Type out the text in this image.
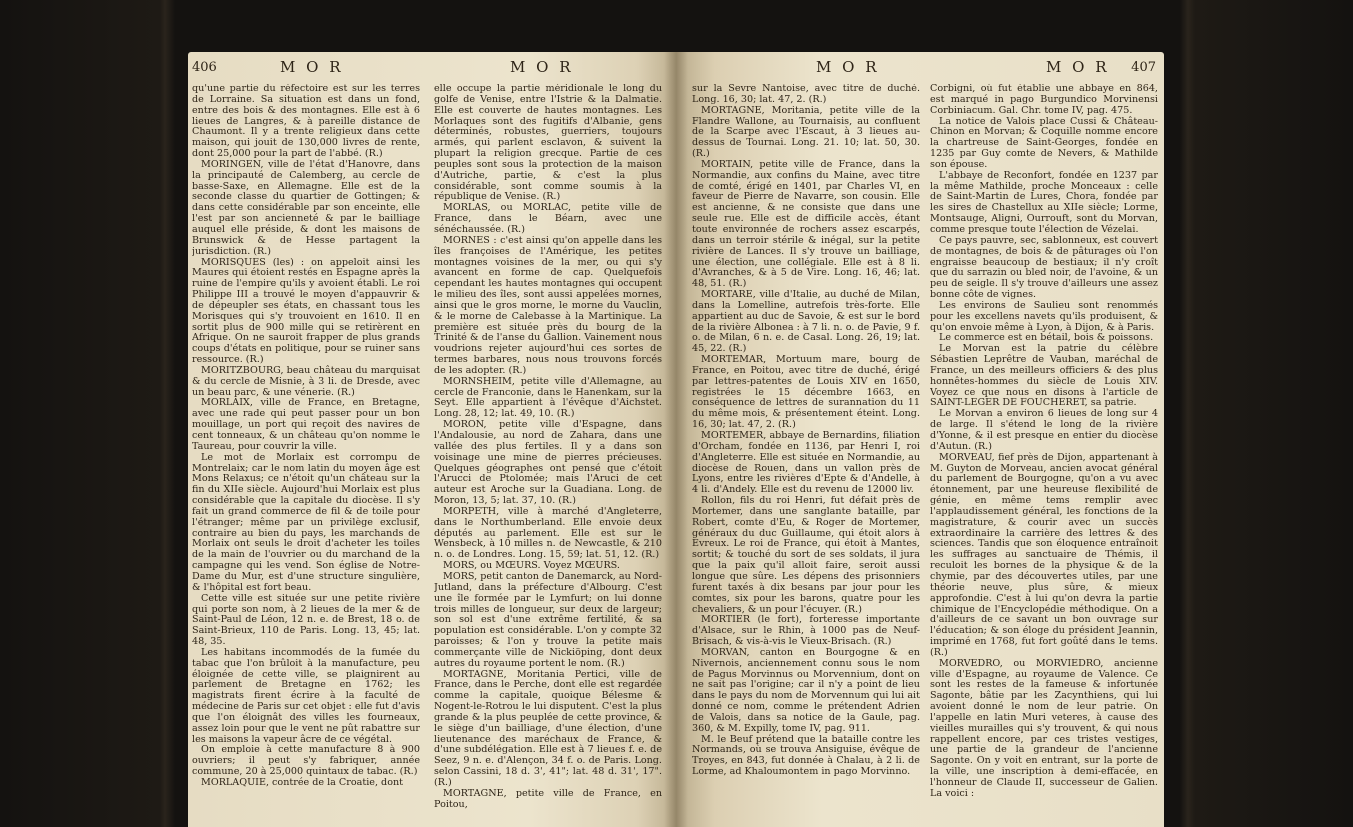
406	M O R	M O R

qu'une partie du réfectoire est sur les terres de Lorraine. Sa situation est dans un fond, entre des bois & des montagnes. Elle est à 6 lieues de Langres, & à pareille distance de Chaumont. Il y a trente religieux dans cette maison, qui jouit de 130,000 livres de rente, dont 25,000 pour la part de l'abbé. (R.)

MORINGEN, ville de l'état d'Hanovre, dans la principauté de Calemberg, au cercle de basse-Saxe, en Allemagne. Elle est de la seconde classe du quartier de Gottingen; & dans cette considérable par son enceinte, elle l'est par son ancienneté & par le bailliage auquel elle préside, & dont les maisons de Brunswick & de Hesse partagent la jurisdiction. (R.)

MORISQUES (les) : on appeloit ainsi les Maures qui étoient restés en Espagne après la ruine de l'empire qu'ils y avoient établi. Le roi Philippe III a trouvé le moyen d'appauvrir & de dépeupler ses états, en chassant tous les Morisques qui s'y trouvoient en 1610. Il en sortit plus de 900 mille qui se retirèrent en Afrique. On ne sauroit frapper de plus grands coups d'états en politique, pour se ruiner sans ressource. (R.)

MORITZBOURG, beau château du marquisat & du cercle de Misnie, à 3 li. de Dresde, avec un beau parc, & une vénerie. (R.)

MORLAIX, ville de France, en Bretagne, avec une rade qui peut passer pour un bon mouillage, un port qui reçoit des navires de cent tonneaux, & un château qu'on nomme le Taureau, pour couvrir la ville.

Le mot de Morlaix est corrompu de Montrelaix; car le nom latin du moyen âge est Mons Relaxus; ce n'étoit qu'un château sur la fin du XIIe siècle. Aujourd'hui Morlaix est plus considérable que la capitale du diocèse. Il s'y fait un grand commerce de fil & de toile pour l'étranger; même par un privilège exclusif, contraire au bien du pays, les marchands de Morlaix ont seuls le droit d'acheter les toiles de la main de l'ouvrier ou du marchand de la campagne qui les vend. Son église de Notre-Dame du Mur, est d'une structure singulière, & l'hôpital est fort beau.

Cette ville est située sur une petite rivière qui porte son nom, à 2 lieues de la mer & de Saint-Paul de Léon, 12 n. e. de Brest, 18 o. de Saint-Brieux, 110 de Paris. Long. 13, 45; lat. 48, 35.

Les habitans incommodés de la fumée du tabac que l'on brûloit à la manufacture, peu éloignée de cette ville, se plaignirent au parlement de Bretagne en 1762; les magistrats firent écrire à la faculté de médecine de Paris sur cet objet : elle fut d'avis que l'on éloignât des villes les fourneaux, assez loin pour que le vent ne pût rabattre sur les maisons la vapeur âcre de ce végétal.

On emploie à cette manufacture 8 à 900 ouvriers; il peut s'y fabriquer, année commune, 20 à 25,000 quintaux de tabac. (R.)

MORLAQUIE, contrée de la Croatie, dont

elle occupe la partie méridionale le long du golfe de Venise, entre l'Istrie & la Dalmatie. Elle est couverte de hautes montagnes. Les Morlaques sont des fugitifs d'Albanie, gens déterminés, robustes, guerriers, toujours armés, qui parlent esclavon, & suivent la plupart la religion grecque. Partie de ces peuples sont sous la protection de la maison d'Autriche, partie, & c'est la plus considérable, sont comme soumis à la république de Venise. (R.)

MORLAS, ou MORLAC, petite ville de France, dans le Béarn, avec une sénéchaussée. (R.)

MORNES : c'est ainsi qu'on appelle dans les îles françoises de l'Amérique, les petites montagnes voisines de la mer, ou qui s'y avancent en forme de cap. Quelquefois cependant les hautes montagnes qui occupent le milieu des îles, sont aussi appelées mornes, ainsi que le gros morne, le morne du Vauclin, & le morne de Calebasse à la Martinique. La première est située près du bourg de la Trinité & de l'anse du Gallion. Vainement nous voudrions rejeter aujourd'hui ces sortes de termes barbares, nous nous trouvons forcés de les adopter. (R.)

MORNSHEIM, petite ville d'Allemagne, au cercle de Franconie, dans le Hanenkam, sur la Seyt. Elle appartient à l'évêque d'Aichstet. Long. 28, 12; lat. 49, 10. (R.)

MORON, petite ville d'Espagne, dans l'Andalousie, au nord de Zahara, dans une vallée des plus fertiles. Il y a dans son voisinage une mine de pierres précieuses. Quelques géographes ont pensé que c'étoit l'Arucci de Ptolomée; mais l'Aruci de cet auteur est Aroche sur la Guadiana. Long. de Moron, 13, 5; lat. 37, 10. (R.)

MORPETH, ville à marché d'Angleterre, dans le Northumberland. Elle envoie deux députés au parlement. Elle est sur le Wensbeck, à 10 milles n. de Newcastle, & 210 n. o. de Londres. Long. 15, 59; lat. 51, 12. (R.)

MORS, ou MŒURS. Voyez MŒURS.

MORS, petit canton de Danemarck, au Nord-Jutland, dans la préfecture d'Albourg. C'est une île formée par le Lymfurt; on lui donne trois milles de longueur, sur deux de largeur; son sol est d'une extrême fertilité, & sa population est considérable. L'on y compte 32 paroisses; & l'on y trouve la petite mais commerçante ville de Nickiöping, dont deux autres du royaume portent le nom. (R.)

MORTAGNE, Moritania Pertici, ville de France, dans le Perche, dont elle est regardée comme la capitale, quoique Bélesme & Nogent-le-Rotrou le lui disputent. C'est la plus grande & la plus peuplée de cette province, & le siège d'un bailliage, d'une élection, d'une lieutenance des maréchaux de France, & d'une subdélégation. Elle est à 7 lieues f. e. de Seez, 9 n. e. d'Alençon, 34 f. o. de Paris. Long. selon Cassini, 18 d. 3', 41"; lat. 48 d. 31', 17". (R.)

MORTAGNE, petite ville de France, en Poitou,

M O R	M O R 407

sur la Sevre Nantoise, avec titre de duché. Long. 16, 30; lat. 47, 2. (R.)

MORTAGNE, Moritania, petite ville de la Flandre Wallone, au Tournaisis, au confluent de la Scarpe avec l'Escaut, à 3 lieues au-dessus de Tournai. Long. 21. 10; lat. 50, 30. (R.)

MORTAIN, petite ville de France, dans la Normandie, aux confins du Maine, avec titre de comté, érigé en 1401, par Charles VI, en faveur de Pierre de Navarre, son cousin. Elle est ancienne, & ne consiste que dans une seule rue. Elle est de difficile accès, étant toute environnée de rochers assez escarpés, dans un terroir stérile & inégal, sur la petite rivière de Lances. Il s'y trouve un bailliage, une élection, une collégiale. Elle est à 8 li. d'Avranches, & à 5 de Vire. Long. 16, 46; lat. 48, 51. (R.)

MORTARE, ville d'Italie, au duché de Milan, dans la Lomelline, autrefois très-forte. Elle appartient au duc de Savoie, & est sur le bord de la rivière Albonea : à 7 li. n. o. de Pavie, 9 f. o. de Milan, 6 n. e. de Casal. Long. 26, 19; lat. 45, 22. (R.)

MORTEMAR, Mortuum mare, bourg de France, en Poitou, avec titre de duché, érigé par lettres-patentes de Louis XIV en 1650, registrées le 15 décembre 1663, en conséquence de lettres de surannation du 11 du même mois, & présentement éteint. Long. 16, 30; lat. 47, 2. (R.)

MORTEMER, abbaye de Bernardins, filiation d'Orcham, fondée en 1136, par Henri I, roi d'Angleterre. Elle est située en Normandie, au diocèse de Rouen, dans un vallon près de Lyons, entre les rivières d'Epte & d'Andelle, à 4 li. d'Andely. Elle est du revenu de 12000 liv.

Rollon, fils du roi Henri, fut défait près de Mortemer, dans une sanglante bataille, par Robert, comte d'Eu, & Roger de Mortemer, généraux du duc Guillaume, qui étoit alors à Evreux. Le roi de France, qui étoit à Mantes, sortit; & touché du sort de ses soldats, il jura que la paix qu'il alloit faire, seroit aussi longue que sûre. Les dépens des prisonniers furent taxés à dix besans par jour pour les comtes, six pour les barons, quatre pour les chevaliers, & un pour l'écuyer. (R.)

MORTIER (le fort), forteresse importante d'Alsace, sur le Rhin, à 1000 pas de Neuf-Brisach, & vis-à-vis le Vieux-Brisach. (R.)

MORVAN, canton en Bourgogne & en Nivernois, anciennement connu sous le nom de Pagus Morvinnus ou Morvennium, dont on ne sait pas l'origine; car il n'y a point de lieu dans le pays du nom de Morvennum qui lui ait donné ce nom, comme le prétendent Adrien de Valois, dans sa notice de la Gaule, pag. 360, & M. Expilly, tome IV, pag. 911.

M. le Beuf prétend que la bataille contre les Normands, où se trouva Ansiguise, évêque de Troyes, en 843, fut donnée à Chalau, à 2 li. de Lorme, ad Khaloumontem in pago Morvinno.

Corbigni, où fut établie une abbaye en 864, est marqué in pago Burgundico Morvinensi Corbiniacum. Gal. Chr. tome IV, pag. 475.

La notice de Valois place Cussi & Château-Chinon en Morvan; & Coquille nomme encore la chartreuse de Saint-Georges, fondée en 1235 par Guy comte de Nevers, & Mathilde son épouse.

L'abbaye de Reconfort, fondée en 1237 par la même Mathilde, proche Monceaux : celle de Saint-Martin de Lures, Chora, fondée par les sires de Chastellux au XIIe siècle; Lorme, Montsauge, Aligni, Ourrouft, sont du Morvan, comme presque toute l'élection de Vézelai.

Ce pays pauvre, sec, sablonneux, est couvert de montagnes, de bois & de pâturages où l'on engraisse beaucoup de bestiaux; il n'y croît que du sarrazin ou bled noir, de l'avoine, & un peu de seigle. Il s'y trouve d'ailleurs une assez bonne côte de vignes.

Les environs de Saulieu sont renommés pour les excellens navets qu'ils produisent, & qu'on envoie même à Lyon, à Dijon, & à Paris.

Le commerce est en bétail, bois & poissons.

Le Morvan est la patrie du célèbre Sébastien Leprêtre de Vauban, maréchal de France, un des meilleurs officiers & des plus honnêtes-hommes du siècle de Louis XIV. Voyez ce que nous en disons à l'article de SAINT-LEGER DE FOUCHERET, sa patrie.

Le Morvan a environ 6 lieues de long sur 4 de large. Il s'étend le long de la rivière d'Yonne, & il est presque en entier du diocèse d'Autun. (R.)

MORVEAU, fief près de Dijon, appartenant à M. Guyton de Morveau, ancien avocat général du parlement de Bourgogne, qu'on a vu avec étonnement, par une heureuse flexibilité de génie, en même tems remplir avec l'applaudissement général, les fonctions de la magistrature, & courir avec un succès extraordinaire la carrière des lettres & des sciences. Tandis que son éloquence entraînoit les suffrages au sanctuaire de Thémis, il reculoit les bornes de la physique & de la chymie, par des découvertes utiles, par une théorie neuve, plus sûre, & mieux approfondie. C'est à lui qu'on devra la partie chimique de l'Encyclopédie méthodique. On a d'ailleurs de ce savant un bon ouvrage sur l'éducation; & son éloge du président Jeannin, imprimé en 1768, fut fort goûté dans le tems. (R.)

MORVEDRO, ou MORVIEDRO, ancienne ville d'Espagne, au royaume de Valence. Ce sont les restes de la fameuse & infortunée Sagonte, bâtie par les Zacynthiens, qui lui avoient donné le nom de leur patrie. On l'appelle en latin Muri veteres, à cause des vieilles murailles qui s'y trouvent, & qui nous rappellent encore, par ces tristes vestiges, une partie de la grandeur de l'ancienne Sagonte. On y voit en entrant, sur la porte de la ville, une inscription à demi-effacée, en l'honneur de Claude II, successeur de Galien. La voici :
